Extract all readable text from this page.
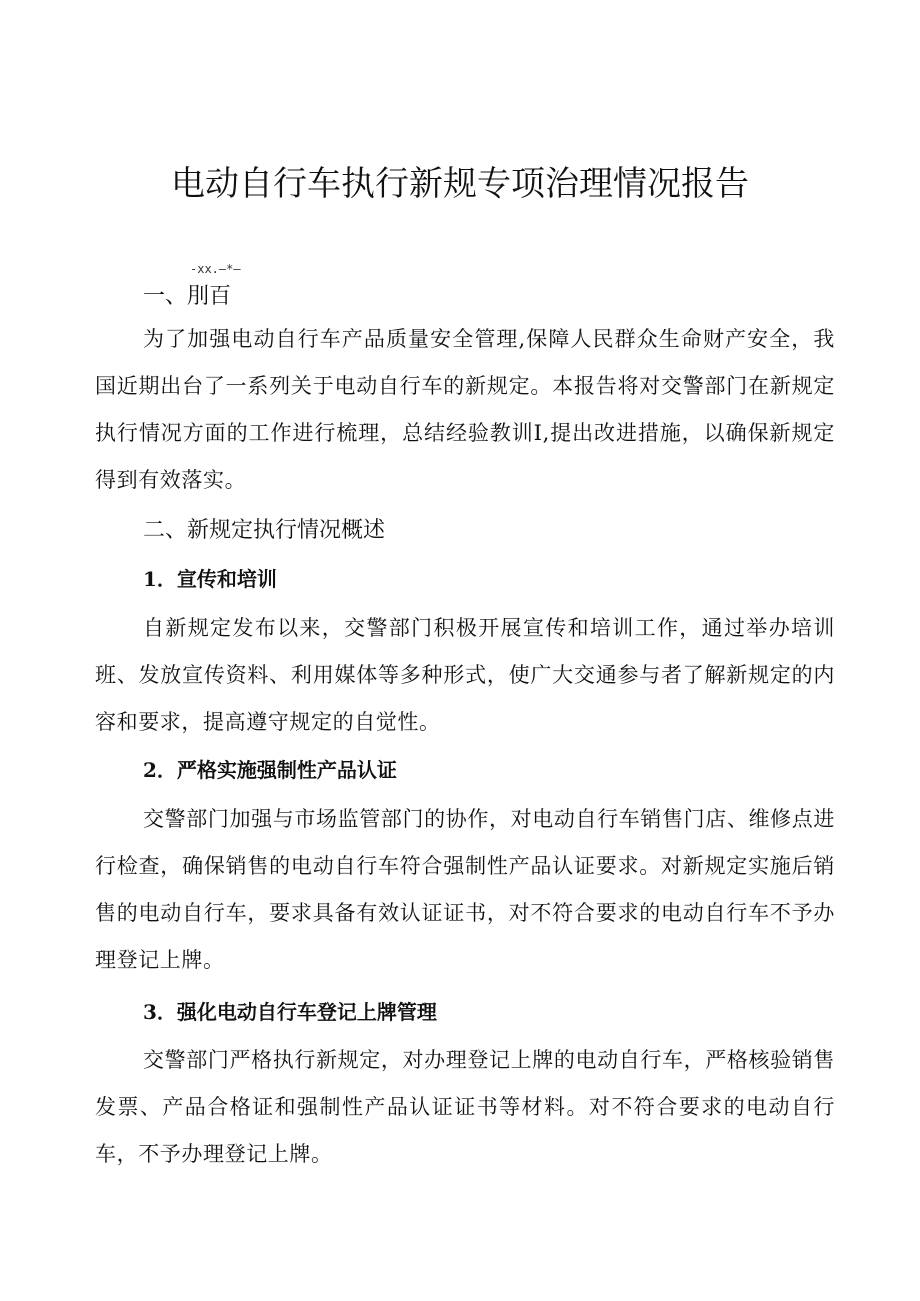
电动自行车执行新规专项治理情况报告
-xx.—*—
一、刖百

为了加强电动自行车产品质量安全管理,保障人民群众生命财产安全，我国近期出台了一系列关于电动自行车的新规定。本报告将对交警部门在新规定执行情况方面的工作进行梳理，总结经验教训I,提出改进措施，以确保新规定得到有效落实。

二、新规定执行情况概述
1．宣传和培训

自新规定发布以来，交警部门积极开展宣传和培训工作，通过举办培训班、发放宣传资料、利用媒体等多种形式，使广大交通参与者了解新规定的内容和要求，提高遵守规定的自觉性。

2．严格实施强制性产品认证

交警部门加强与市场监管部门的协作，对电动自行车销售门店、维修点进行检查，确保销售的电动自行车符合强制性产品认证要求。对新规定实施后销售的电动自行车，要求具备有效认证证书，对不符合要求的电动自行车不予办理登记上牌。

3．强化电动自行车登记上牌管理

交警部门严格执行新规定，对办理登记上牌的电动自行车，严格核验销售发票、产品合格证和强制性产品认证证书等材料。对不符合要求的电动自行车，不予办理登记上牌。
